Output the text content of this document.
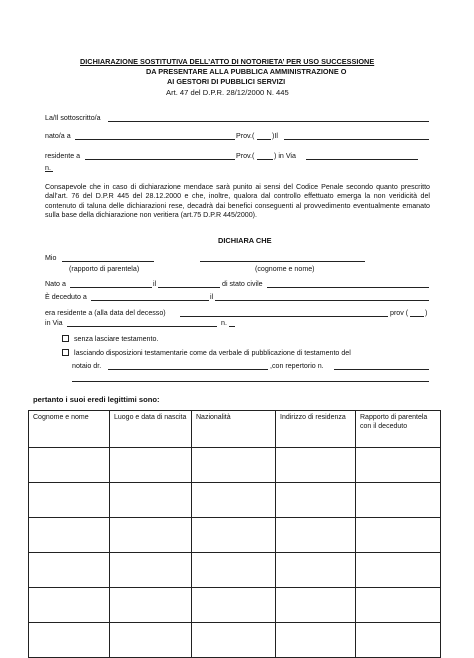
DICHIARAZIONE SOSTITUTIVA DELL’ATTO DI NOTORIETA’ PER USO SUCCESSIONE
DA PRESENTARE ALLA PUBBLICA AMMINISTRAZIONE O
AI GESTORI DI PUBBLICI SERVIZI
Art. 47 del D.P.R. 28/12/2000 N. 445
La/Il sottoscritto/a
nato/a a	Prov.( )Il
residente a	Prov.(	) in Via
n.
Consapevole che in caso di dichiarazione mendace sarà punito ai sensi del Codice Penale secondo quanto prescritto dall’art. 76 del D.P.R 445 del 28.12.2000 e che, inoltre, qualora dal controllo effettuato emerga la non veridicità del contenuto di taluna delle dichiarazioni rese, decadrà dai benefici conseguenti al provvedimento eventualmente emanato sulla base della dichiarazione non veritiera (art.75 D.P.R 445/2000).
DICHIARA CHE
Mio
(rapporto di parentela)	(cognome e nome)
Nato a	il	di stato civile
È deceduto a	il
era residente a (alla data del decesso)	prov ( )
in Via	n.
senza lasciare testamento.
lasciando disposizioni testamentarie come da verbale di pubblicazione di testamento del
notaio dr.	,con repertorio n.
pertanto i suoi eredi legittimi sono:
Cognome e nome	Luogo e data di nascita	Nazionalità	Indirizzo di residenza	Rapporto di parentela con il deceduto
